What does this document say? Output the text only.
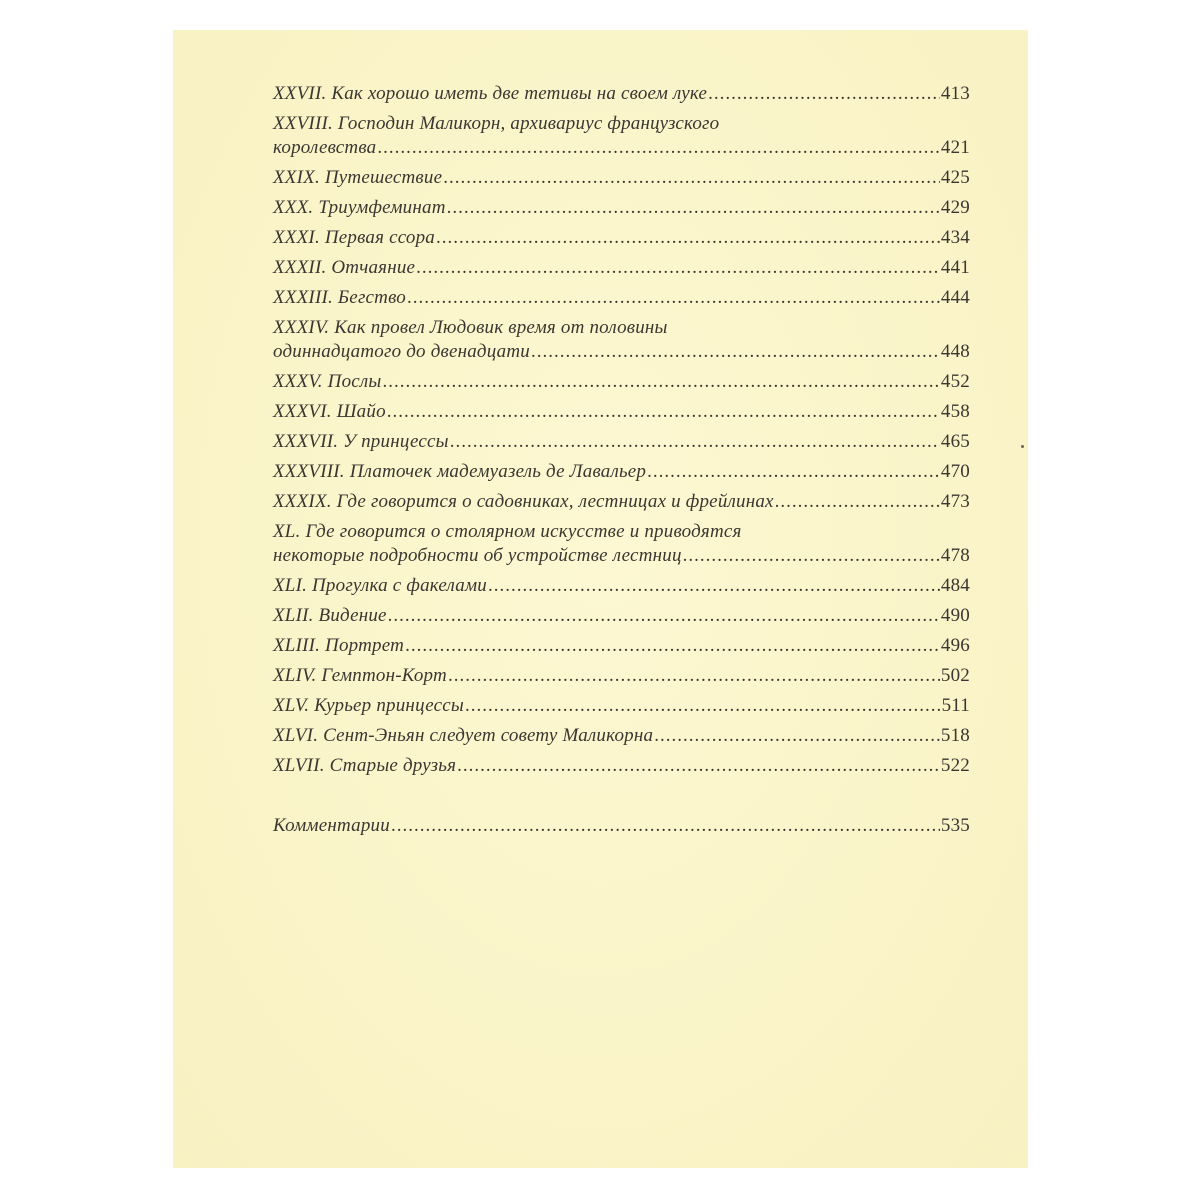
XXVII. Как хорошо иметь две тетивы на своем луке .....	413
XXVIII. Господин Маликорн, архивариус французского
королевства .....	421
XXIX. Путешествие .....	425
XXX. Триумфеминат .....	429
XXXI. Первая ссора .....	434
XXXII. Отчаяние .....	441
XXXIII. Бегство .....	444
XXXIV. Как провел Людовик время от половины
одиннадцатого до двенадцати .....	448
XXXV. Послы .....	452
XXXVI. Шайо .....	458
XXXVII. У принцессы .....	465
XXXVIII. Платочек мадемуазель де Лавальер .....	470
XXXIX. Где говорится о садовниках, лестницах и фрейлинах .....	473
XL. Где говорится о столярном искусстве и приводятся
некоторые подробности об устройстве лестниц .....	478
XLI. Прогулка с факелами .....	484
XLII. Видение .....	490
XLIII. Портрет .....	496
XLIV. Гемптон-Корт .....	502
XLV. Курьер принцессы .....	511
XLVI. Сент-Эньян следует совету Маликорна .....	518
XLVII. Старые друзья .....	522
Комментарии .....	535
